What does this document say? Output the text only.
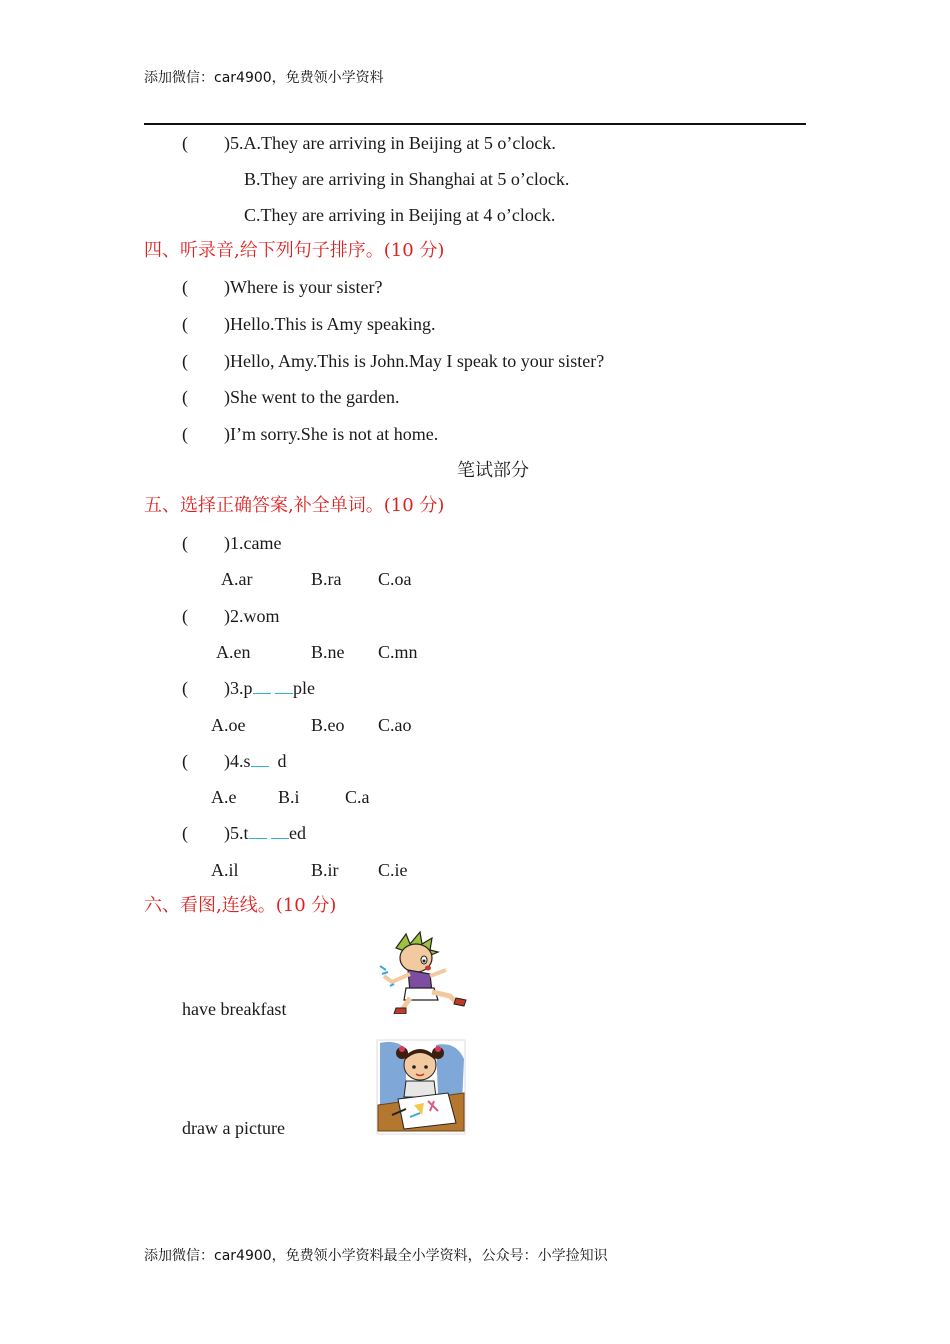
添加微信：car4900，免费领小学资料
(        )5.A.They are arriving in Beijing at 5 o’clock.
B.They are arriving in Shanghai at 5 o’clock.
C.They are arriving in Beijing at 4 o’clock.
四、听录音,给下列句子排序。(10 分)
(        )Where is your sister?
(        )Hello.This is Amy speaking.
(        )Hello, Amy.This is John.May I speak to your sister?
(        )She went to the garden.
(        )I’m sorry.She is not at home.
笔试部分
五、选择正确答案,补全单词。(10 分)
(        )1.came
A.ar	B.ra C.oa
(        )2.wom
A.en	B.ne C.mn
(        )3.p ple
A.oe	B.eo C.ao
(        )4.s d
A.e B.i	C.a
(        )5.t ed
A.il	B.ir C.ie
六、看图,连线。(10 分)
have breakfast
draw a picture
添加微信：car4900，免费领小学资料最全小学资料，公众号：小学捡知识
